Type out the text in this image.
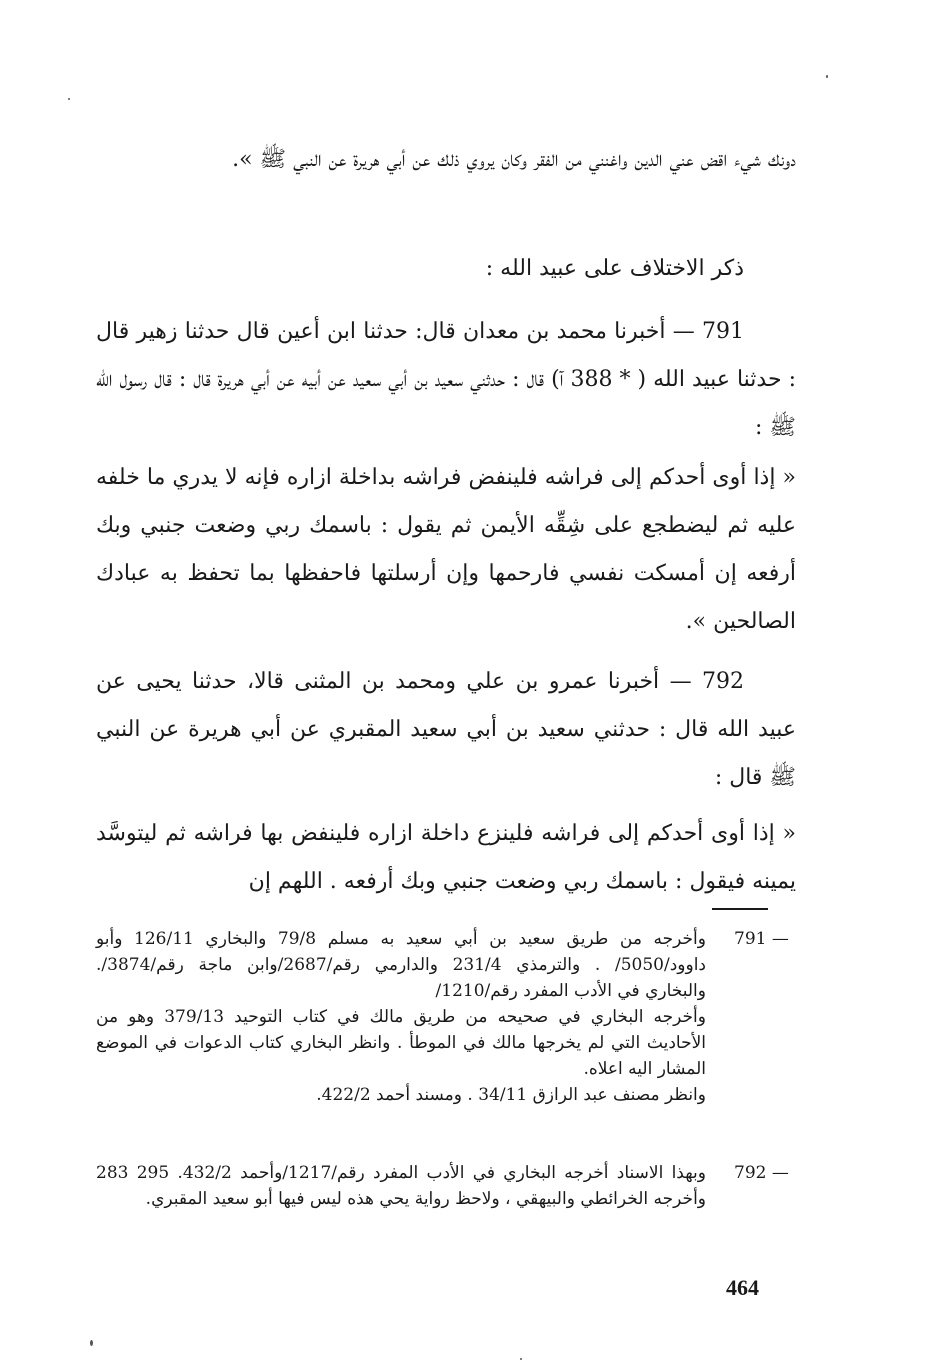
دونك شيء اقض عني الدين واغنني من الفقر وكان يروي ذلك عن أبي هريرة عن النبي ﷺ ».

ذكر الاختلاف على عبيد الله :

791 — أخبرنا محمد بن معدان قال: حدثنا ابن أعين قال حدثنا زهير قال : حدثنا عبيد الله ( * 388 آ) قال : حدثني سعيد بن أبي سعيد عن أبيه عن أبي هريرة قال : قال رسول الله ﷺ :

« إذا أوى أحدكم إلى فراشه فلينفض فراشه بداخلة ازاره فإنه لا يدري ما خلفه عليه ثم ليضطجع على شِقِّه الأيمن ثم يقول : باسمك ربي وضعت جنبي وبك أرفعه إن أمسكت نفسي فارحمها وإن أرسلتها فاحفظها بما تحفظ به عبادك الصالحين ».

792 — أخبرنا عمرو بن علي ومحمد بن المثنى قالا، حدثنا يحيى عن عبيد الله قال : حدثني سعيد بن أبي سعيد المقبري عن أبي هريرة عن النبي ﷺ قال :

« إذا أوى أحدكم إلى فراشه فلينزع داخلة ازاره فلينفض بها فراشه ثم ليتوسَّد يمينه فيقول : باسمك ربي وضعت جنبي وبك أرفعه . اللهم إن

791 —

وأخرجه من طريق سعيد بن أبي سعيد به مسلم 79/8 والبخاري 126/11 وأبو داوود/5050/ . والترمذي 231/4 والدارمي رقم/2687/وابن ماجة رقم/3874/. والبخاري في الأدب المفرد رقم/1210/

وأخرجه البخاري في صحيحه من طريق مالك في كتاب التوحيد 379/13 وهو من الأحاديث التي لم يخرجها مالك في الموطأ . وانظر البخاري كتاب الدعوات في الموضع المشار اليه اعلاه.

وانظر مصنف عبد الرازق 34/11 . ومسند أحمد 422/2.

792 —

وبهذا الاسناد أخرجه البخاري في الأدب المفرد رقم/1217/وأحمد 432/2. 295 283 وأخرجه الخرائطي والبيهقي ، ولاحظ رواية يحي هذه ليس فيها أبو سعيد المقبري.

464
